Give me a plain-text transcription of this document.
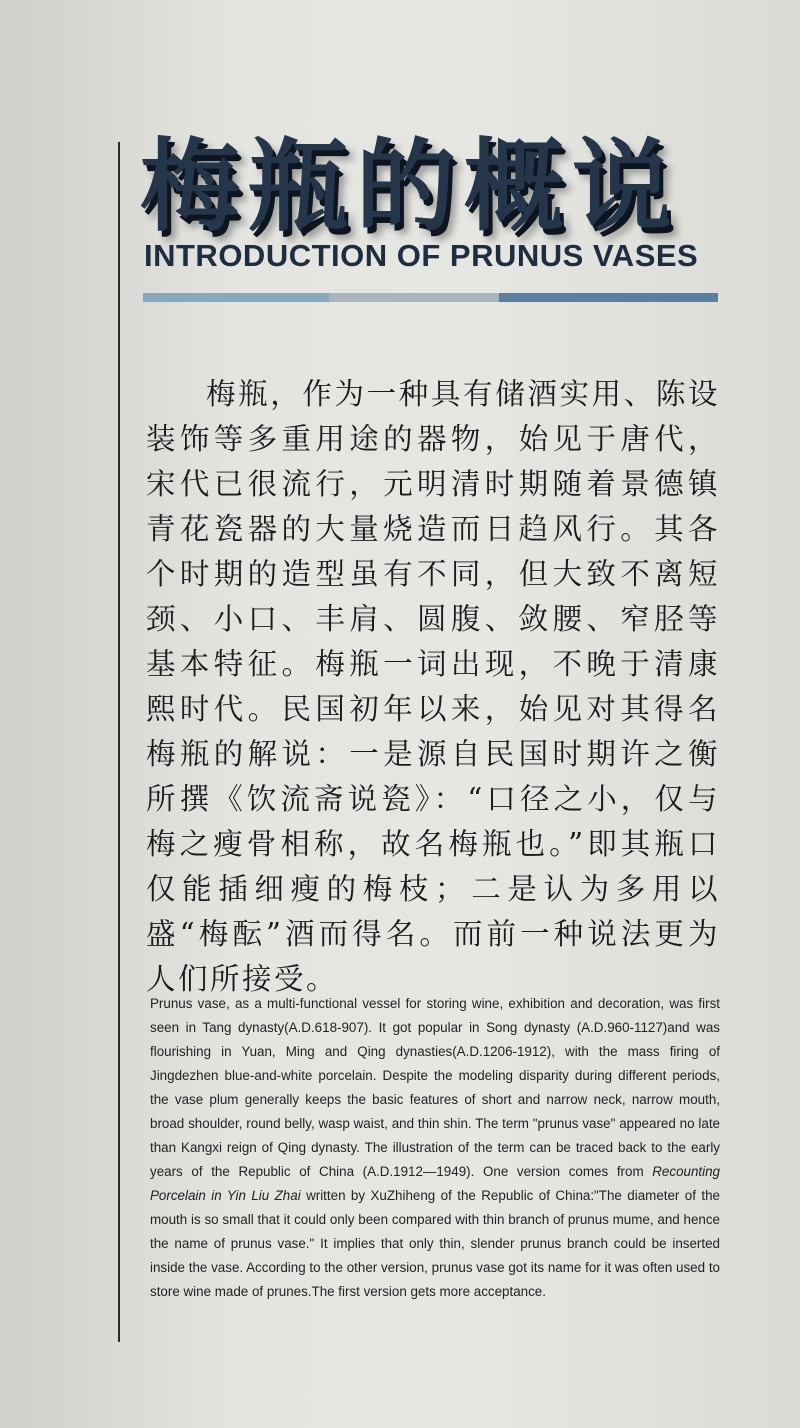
梅瓶的概说
INTRODUCTION OF PRUNUS VASES

梅瓶，作为一种具有储酒实用、陈设装饰等多重用途的器物，始见于唐代，宋代已很流行，元明清时期随着景德镇青花瓷器的大量烧造而日趋风行。其各个时期的造型虽有不同，但大致不离短颈、小口、丰肩、圆腹、敛腰、窄胫等基本特征。梅瓶一词出现，不晚于清康熙时代。民国初年以来，始见对其得名梅瓶的解说：一是源自民国时期许之衡所撰《饮流斋说瓷》：“口径之小，仅与梅之瘦骨相称，故名梅瓶也。”即其瓶口仅能插细瘦的梅枝；二是认为多用以盛“梅酝”酒而得名。而前一种说法更为人们所接受。

Prunus vase, as a multi-functional vessel for storing wine, exhibition and decoration, was first seen in Tang dynasty(A.D.618-907). It got popular in Song dynasty (A.D.960-1127)and was flourishing in Yuan, Ming and Qing dynasties(A.D.1206-1912), with the mass firing of Jingdezhen blue-and-white porcelain. Despite the modeling disparity during different periods, the vase plum generally keeps the basic features of short and narrow neck, narrow mouth, broad shoulder, round belly, wasp waist, and thin shin. The term "prunus vase" appeared no late than Kangxi reign of Qing dynasty. The illustration of the term can be traced back to the early years of the Republic of China (A.D.1912—1949). One version comes from Recounting Porcelain in Yin Liu Zhai written by XuZhiheng of the Republic of China:"The diameter of the mouth is so small that it could only been compared with thin branch of prunus mume, and hence the name of prunus vase." It implies that only thin, slender prunus branch could be inserted inside the vase. According to the other version, prunus vase got its name for it was often used to store wine made of prunes.The first version gets more acceptance.
